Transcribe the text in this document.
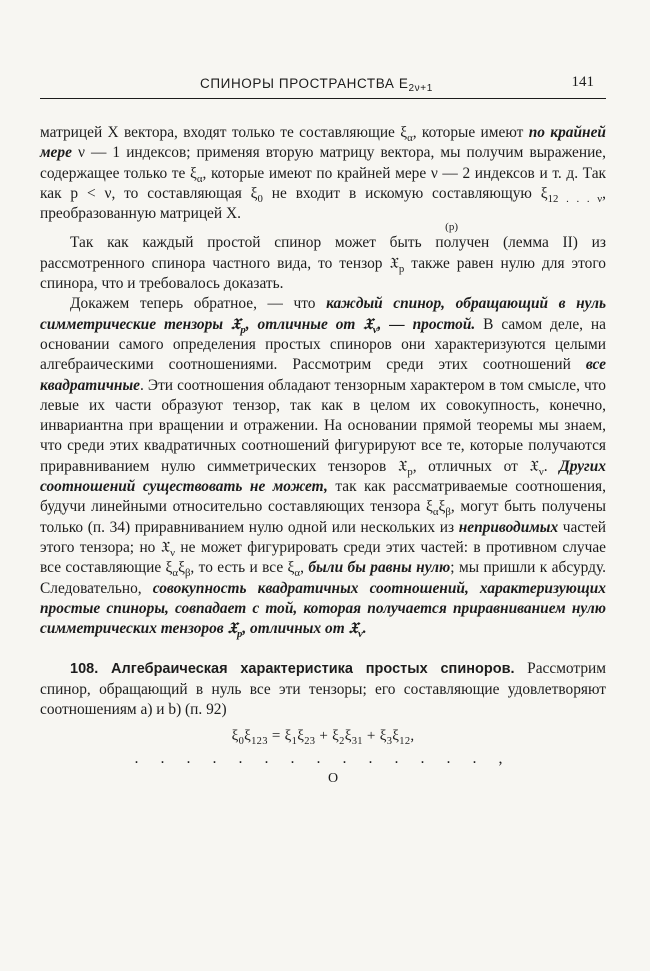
СПИНОРЫ ПРОСТРАНСТВА $E_{2\nu+1}$	141

матрицей X вектора, входят только те составляющие $\xi_\alpha$, которые имеют по крайней мере ν — 1 индексов; применяя вторую матрицу вектора, мы получим выражение, содержащее только те $\xi_\alpha$, которые имеют по крайней мере ν — 2 индексов и т. д. Так как p < ν, то составляющая $\xi_0$ не входит в искомую составляющую $\xi_{12 . . . \nu}$, преобразованную матрицей X.

(p)

Так как каждый простой спинор может быть получен (лемма II) из рассмотренного спинора частного вида, то тензор 𝔛$_p$ также равен нулю для этого спинора, что и требовалось доказать.

Докажем теперь обратное, — что каждый спинор, обращающий в нуль симметрические тензоры 𝔛$_p$, отличные от 𝔛$_\nu$, — простой. В самом деле, на основании самого определения простых спиноров они характеризуются целыми алгебраическими соотношениями. Рассмотрим среди этих соотношений все квадратичные. Эти соотношения обладают тензорным характером в том смысле, что левые их части образуют тензор, так как в целом их совокупность, конечно, инвариантна при вращении и отражении. На основании прямой теоремы мы знаем, что среди этих квадратичных соотношений фигурируют все те, которые получаются приравниванием нулю симметрических тензоров 𝔛$_p$, отличных от 𝔛$_\nu$. Других соотношений существовать не может, так как рассматриваемые соотношения, будучи линейными относительно составляющих тензора $\xi_\alpha\xi_\beta$, могут быть получены только (п. 34) приравниванием нулю одной или нескольких из неприводимых частей этого тензора; но 𝔛$_\nu$ не может фигурировать среди этих частей: в противном случае все составляющие $\xi_\alpha\xi_\beta$, то есть и все $\xi_\alpha$, были бы равны нулю; мы пришли к абсурду. Следовательно, совокупность квадратичных соотношений, характеризующих простые спиноры, совпадает с той, которая получается приравниванием нулю симметрических тензоров 𝔛$_p$, отличных от 𝔛$_\nu$.

108. Алгебраическая характеристика простых спиноров. Рассмотрим спинор, обращающий в нуль все эти тензоры; его составляющие удовлетворяют соотношениям a) и b) (п. 92)

$\xi_0\xi_{123} = \xi_1\xi_{23} + \xi_2\xi_{31} + \xi_3\xi_{12}$,
. . . . . . . . . . . . . . ,
O
